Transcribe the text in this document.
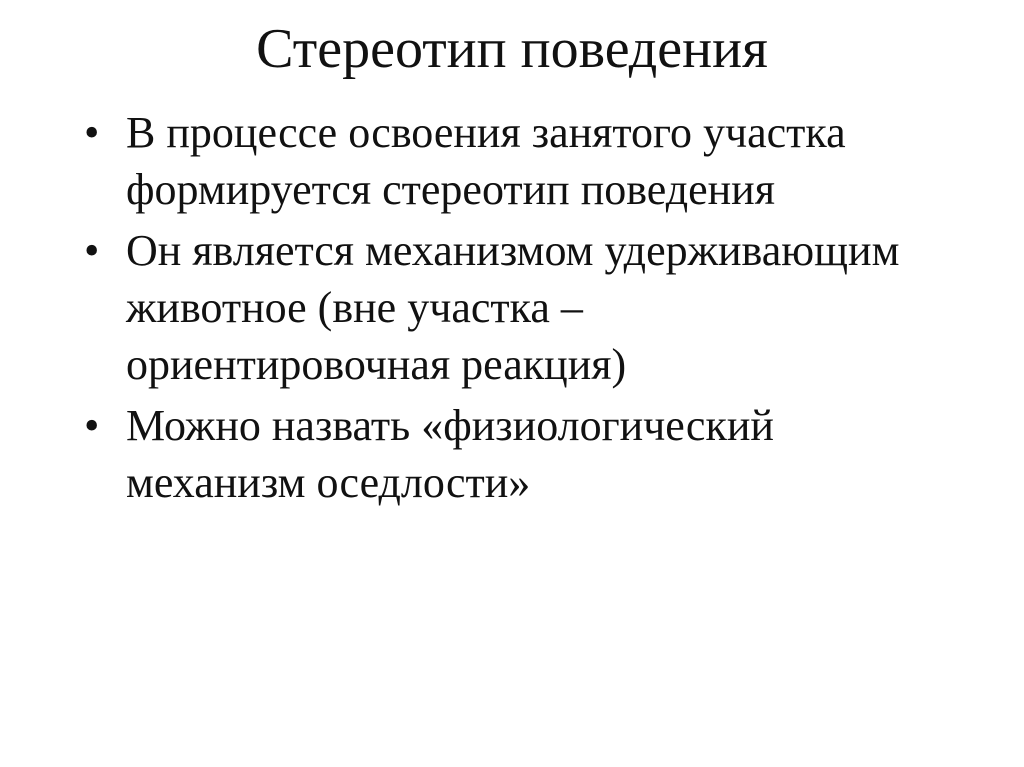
Стереотип поведения
• В процессе освоения занятого участка
формируется стереотип поведения
• Он является механизмом удерживающим
животное (вне участка –
ориентировочная реакция)
• Можно назвать «физиологический
механизм оседлости»
